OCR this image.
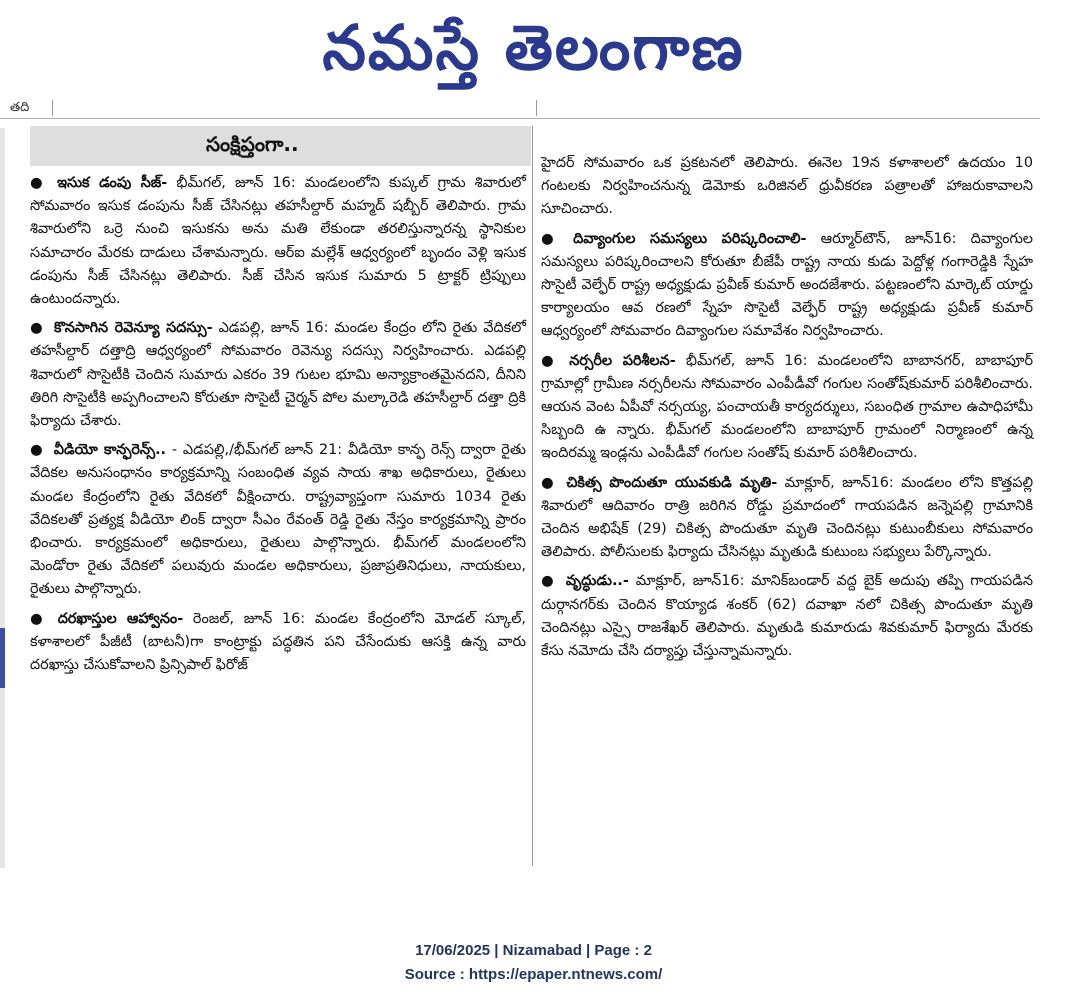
నమస్తే తెలంగాణ
తది
సంక్షిప్తంగా..

● ఇసుక డంపు సీజ్- భీమ్‌గల్, జూన్ 16: మండలంలోని కుప్కల్ గ్రామ శివారులో సోమవారం ఇసుక డంపును సీజ్ చేసినట్లు తహసీల్దార్ మహ్మద్ షబ్బీర్ తెలిపారు. గ్రామ శివారులోని ఒర్రె నుంచి ఇసుకను అను మతి లేకుండా తరలిస్తున్నారన్న స్థానికుల సమాచారం మేరకు దాడులు చేశామన్నారు. ఆర్ఐ మల్లేశ్ ఆధ్వర్యంలో బృందం వెళ్లి ఇసుక డంపును సీజ్ చేసినట్లు తెలిపారు. సీజ్ చేసిన ఇసుక సుమారు 5 ట్రాక్టర్ ట్రిప్పులు ఉంటుందన్నారు.

● కొనసాగిన రెవెన్యూ సదస్సు- ఎడపల్లి, జూన్ 16: మండల కేంద్రం లోని రైతు వేదికలో తహసీల్దార్ దత్తాద్రి ఆధ్వర్యంలో సోమవారం రెవెన్యు సదస్సు నిర్వహించారు. ఎడపల్లి శివారులో సొసైటీకి చెందిన సుమారు ఎకరం 39 గుటల భూమి అన్యాక్రాంతమైనదని, దీనిని తిరిగి సొసైటీకి అప్పగించాలని కోరుతూ సొసైటీ చైర్మన్ పోల మల్కారెడి తహసీల్దార్ దత్తా ద్రికి ఫిర్యాదు చేశారు.

● వీడియో కాన్ఫరెన్స్.. - ఎడపల్లి,/భీమ్‌గల్ జూన్ 21: వీడియో కాన్ఫ రెన్స్ ద్వారా రైతు వేదికల అనుసంధానం కార్యక్రమాన్ని సంబంధిత వ్యవ సాయ శాఖ అధికారులు, రైతులు మండల కేంద్రంలోని రైతు వేదికలో వీక్షించారు. రాష్ట్రవ్యాప్తంగా సుమారు 1034 రైతు వేదికలతో ప్రత్యక్ష వీడియో లింక్ ద్వారా సీఎం రేవంత్ రెడ్డి రైతు నేస్తం కార్యక్రమాన్ని ప్రారం భించారు. కార్యక్రమంలో అధికారులు, రైతులు పాల్గొన్నారు. భీమ్‌గల్ మండలంలోని మెండోరా రైతు వేదికలో పలువురు మండల అధికారులు, ప్రజాప్రతినిధులు, నాయకులు, రైతులు పాల్గొన్నారు.

● దరఖాస్తుల ఆహ్వానం- రెంజల్, జూన్ 16: మండల కేంద్రంలోని మోడల్ స్కూల్, కళాశాలలో పీజీటీ (బాటనీ)గా కాంట్రాక్టు పద్ధతిన పని చేసేందుకు ఆసక్తి ఉన్న వారు దరఖాస్తు చేసుకోవాలని ప్రిన్సిపాల్ ఫిరోజ్

హైదర్ సోమవారం ఒక ప్రకటనలో తెలిపారు. ఈనెల 19న కళాశాలలో ఉదయం 10 గంటలకు నిర్వహించనున్న డెమోకు ఒరిజినల్ ధ్రువీకరణ పత్రాలతో హాజరుకావాలని సూచించారు.

● దివ్యాంగుల సమస్యలు పరిష్కరించాలి- ఆర్మూర్‌టౌన్, జూన్16: దివ్యాంగుల సమస్యలు పరిష్కరించాలని కోరుతూ బీజేపీ రాష్ట్ర నాయ కుడు పెద్దోళ్ల గంగారెడ్డికి స్నేహ సొసైటీ వెల్ఫేర్ రాష్ట్ర అధ్యక్షుడు ప్రవీణ్ కుమార్ అందజేశారు. పట్టణంలోని మార్కెట్ యార్డు కార్యాలయం ఆవ రణలో స్నేహ సొసైటీ వెల్ఫేర్ రాష్ట్ర అధ్యక్షుడు ప్రవీణ్ కుమార్ ఆధ్వర్యంలో సోమవారం దివ్యాంగుల సమావేశం నిర్వహించారు.

● నర్సరీల పరిశీలన- భీమ్‌గల్, జూన్ 16: మండలంలోని బాబానగర్, బాబాపూర్ గ్రామాల్లో గ్రామీణ నర్సరీలను సోమవారం ఎంపీడీవో గంగుల సంతోష్‌కుమార్ పరిశీలించారు. ఆయన వెంట ఏపీవో నర్సయ్య, పంచాయతీ కార్యదర్శులు, సబంధిత గ్రామాల ఉపాధిహామీ సిబ్బంది ఉ న్నారు. భీమ్‌గల్ మండలంలోని బాబాపూర్ గ్రామంలో నిర్మాణంలో ఉన్న ఇందిరమ్మ ఇండ్లను ఎంపీడీవో గంగుల సంతోష్ కుమార్ పరిశీలించారు.

● చికిత్స పొందుతూ యువకుడి మృతి- మాక్లూర్, జూన్16: మండలం లోని కొత్తపల్లి శివారులో ఆదివారం రాత్రి జరిగిన రోడ్డు ప్రమాదంలో గాయపడిన జన్నెపల్లి గ్రామానికి చెందిన అభిషేక్ (29) చికిత్స పొందుతూ మృతి చెందినట్లు కుటుంబీకులు సోమవారం తెలిపారు. పోలీసులకు ఫిర్యాదు చేసినట్లు మృతుడి కుటుంబ సభ్యులు పేర్కొన్నారు.

● వృద్ధుడు..- మాక్లూర్, జూన్16: మానిక్‌బండార్ వద్ద బైక్ అదుపు తప్పి గాయపడిన దుర్గానగర్‌కు చెందిన కొయ్యాడ శంకర్ (62) దవాఖా నలో చికిత్స పొందుతూ మృతి చెందినట్లు ఎస్సై రాజశేఖర్ తెలిపారు. మృతుడి కుమారుడు శివకుమార్ ఫిర్యాదు మేరకు కేసు నమోదు చేసి దర్యాప్తు చేస్తున్నామన్నారు.

17/06/2025 | Nizamabad | Page : 2
Source : https://epaper.ntnews.com/
